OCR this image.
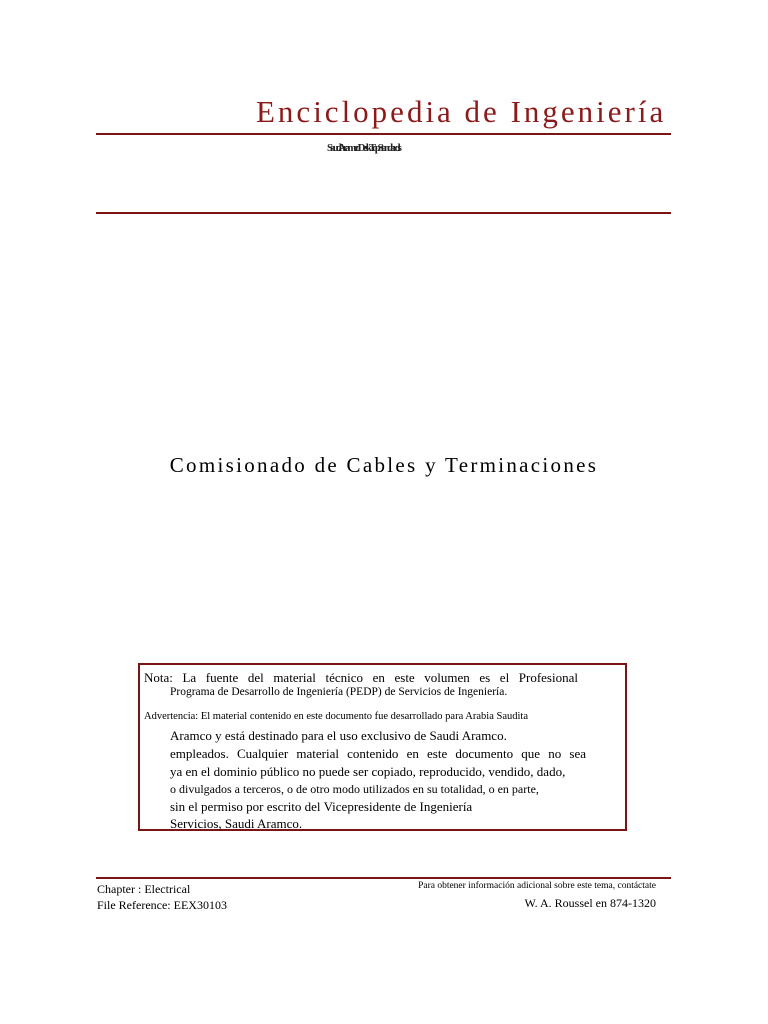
Enciclopedia de Ingeniería
Saudi Aramco DeskTop Standards
Comisionado de Cables y Terminaciones

Nota: La fuente del material técnico en este volumen es el Profesional

Programa de Desarrollo de Ingeniería (PEDP) de Servicios de Ingeniería.

Advertencia: El material contenido en este documento fue desarrollado para Arabia Saudita

Aramco y está destinado para el uso exclusivo de Saudi Aramco.

empleados. Cualquier material contenido en este documento que no sea

ya en el dominio público no puede ser copiado, reproducido, vendido, dado,

o divulgados a terceros, o de otro modo utilizados en su totalidad, o en parte,

sin el permiso por escrito del Vicepresidente de Ingeniería

Servicios, Saudi Aramco.

Chapter : Electrical
File Reference: EEX30103
Para obtener información adicional sobre este tema, contáctate
W. A. Roussel en 874-1320
